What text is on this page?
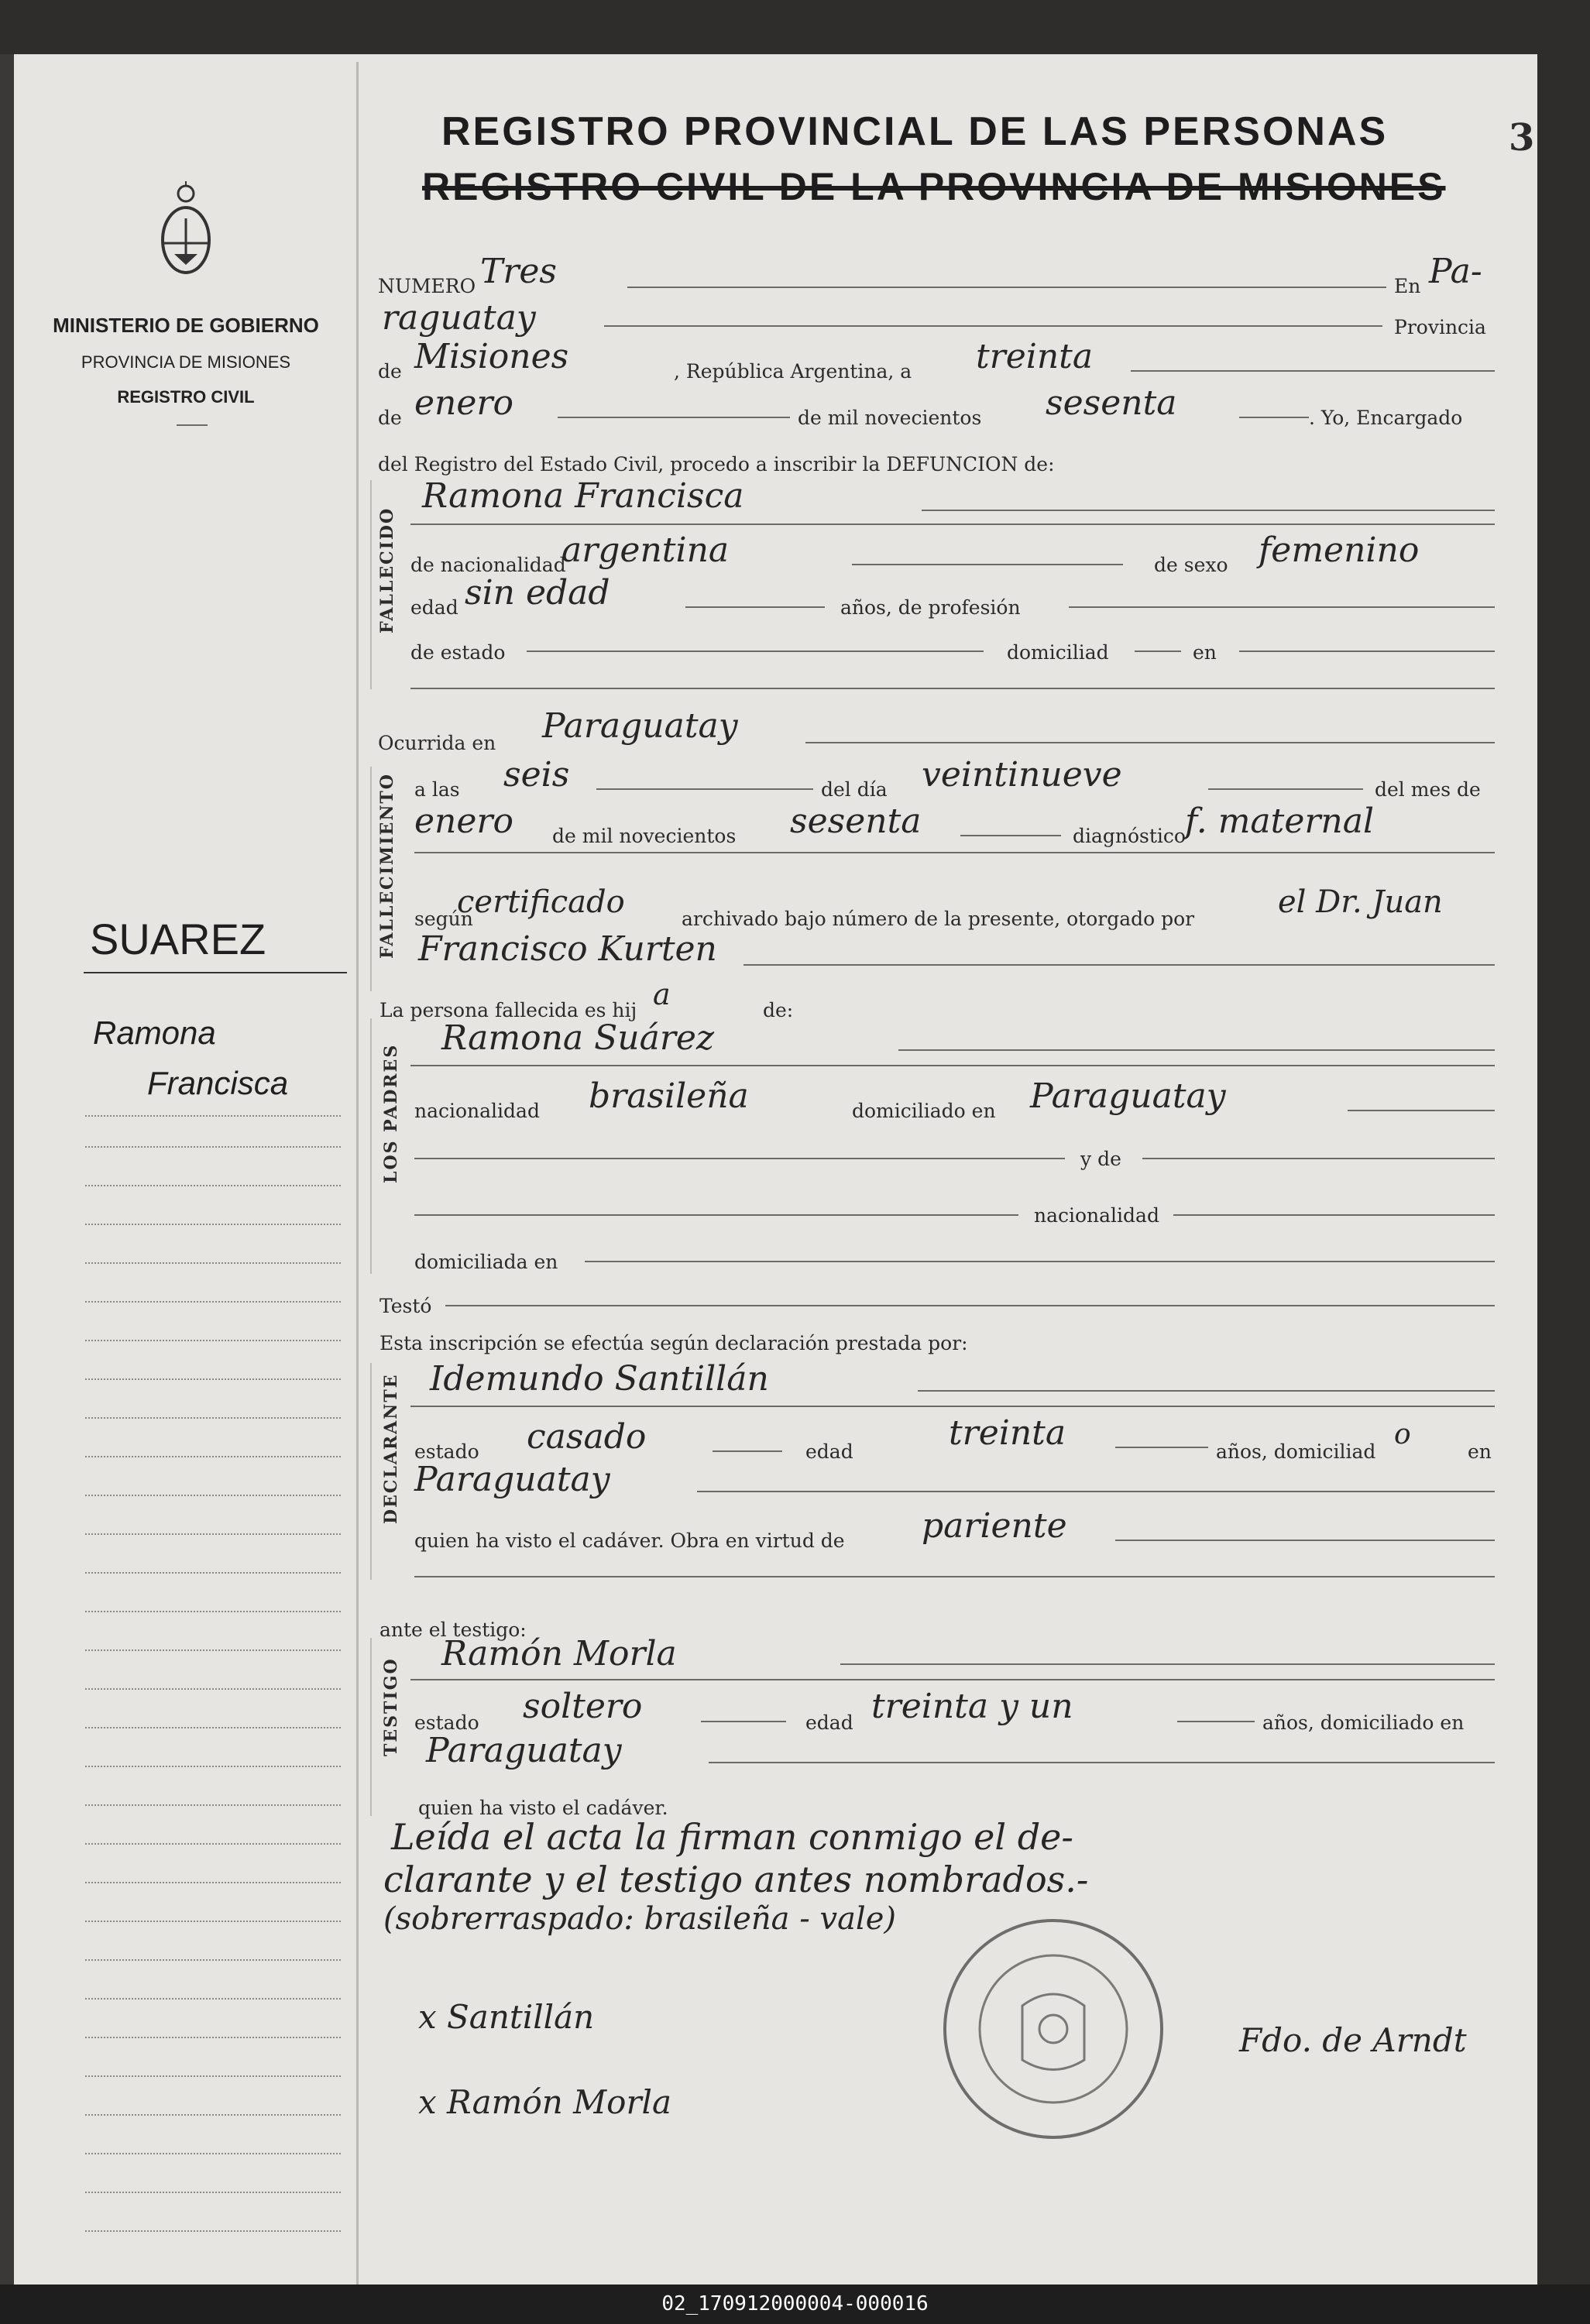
REGISTRO PROVINCIAL DE LAS PERSONAS
REGISTRO CIVIL DE LA PROVINCIA DE MISIONES
3
MINISTERIO DE GOBIERNO
PROVINCIA DE MISIONES
REGISTRO CIVIL
SUAREZ
Ramona
Francisca
NUMERO Tres	En Pa-
raguatay	Provincia
de Misiones	, República Argentina, a treinta
de enero	de mil novecientos sesenta	. Yo, Encargado
del Registro del Estado Civil, procedo a inscribir la DEFUNCION de:
FALLECIDO
Ramona Francisca
de nacionalidad
argentina	de sexo femenino
edad sin edad	años, de profesión
de estado	domiciliad	en
Ocurrida en Paraguatay
FALLECIMIENTO a las seis	del día veintinueve	del mes de
enero de mil novecientos sesenta	diagnóstico f. maternal
según
certificado	archivado bajo número de la presente, otorgado por	el Dr. Juan
Francisco Kurten
La persona fallecida es hij a	de:
LOS PADRES
Ramona Suárez
nacionalidad brasileña	domiciliado en Paraguatay
y de
nacionalidad
domiciliada en
Testó
Esta inscripción se efectúa según declaración prestada por:
DECLARANTE Idemundo Santillán
estado casado	edad	treinta	años, domiciliad
o
en
Paraguatay
quien ha visto el cadáver. Obra en virtud de pariente
ante el testigo:
TESTIGO
Ramón Morla
estado soltero	edad treinta y un	años, domiciliado en
Paraguatay
quien ha visto el cadáver.
Leída el acta la firman conmigo el de-
clarante y el testigo antes nombrados.-
(sobrerraspado: brasileña - vale)
x Santillán
x Ramón Morla
Fdo. de Arndt
02_170912000004-000016
